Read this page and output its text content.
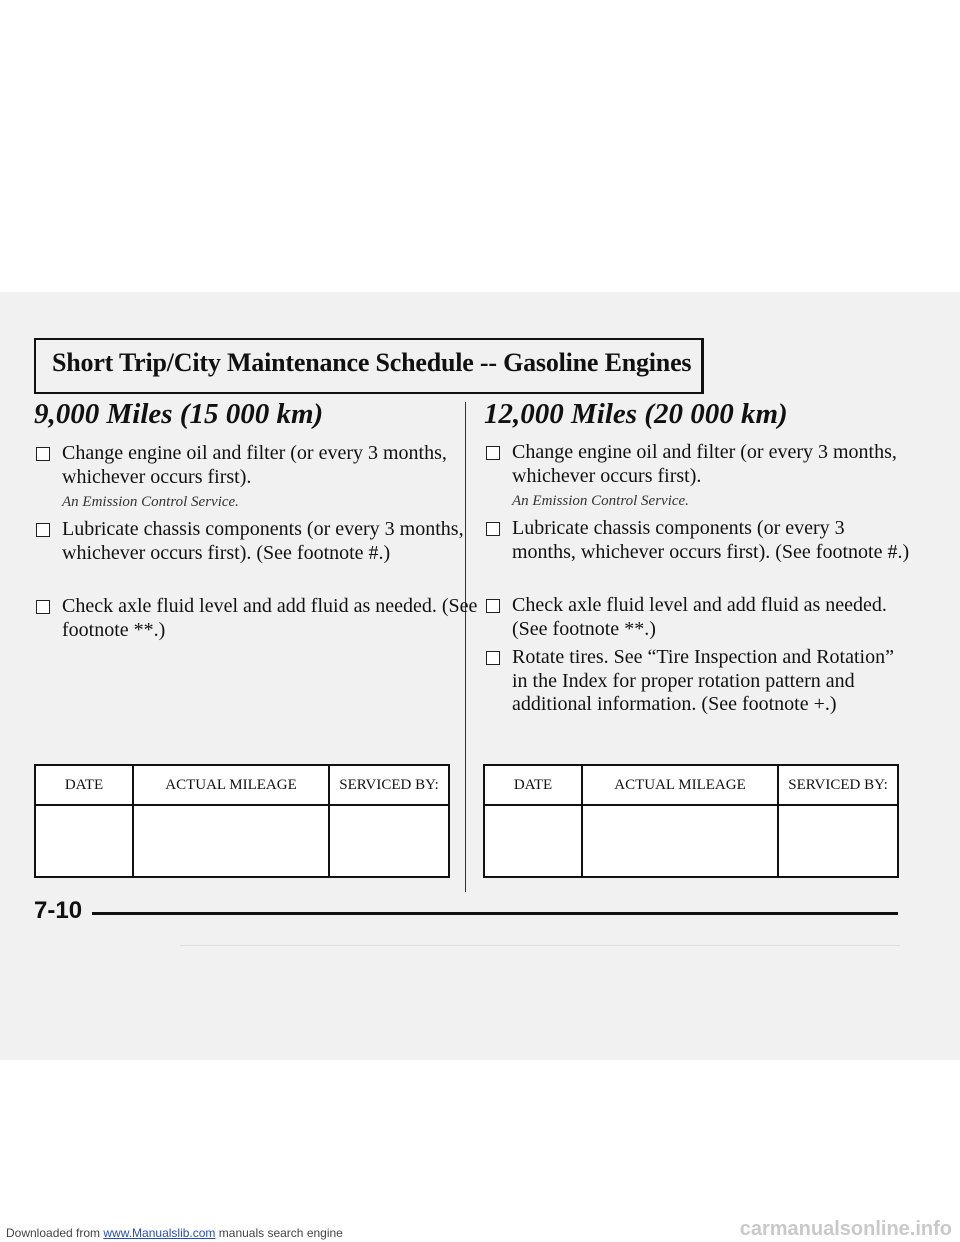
Short Trip/City Maintenance Schedule -- Gasoline Engines
9,000 Miles (15 000 km)
Change engine oil and filter (or every 3 months, whichever occurs first).
An Emission Control Service.
Lubricate chassis components (or every 3 months, whichever occurs first). (See footnote #.)
Check axle fluid level and add fluid as needed. (See footnote **.)
DATE	ACTUAL MILEAGE	SERVICED BY:

12,000 Miles (20 000 km)
Change engine oil and filter (or every 3 months, whichever occurs first).
An Emission Control Service.
Lubricate chassis components (or every 3 months, whichever occurs first). (See footnote #.)
Check axle fluid level and add fluid as needed. (See footnote **.)
Rotate tires. See “Tire Inspection and Rotation” in the Index for proper rotation pattern and additional information. (See footnote +.)
DATE	ACTUAL MILEAGE	SERVICED BY:

7-10
Downloaded from www.Manualslib.com manuals search engine	carmanualsonline.info
